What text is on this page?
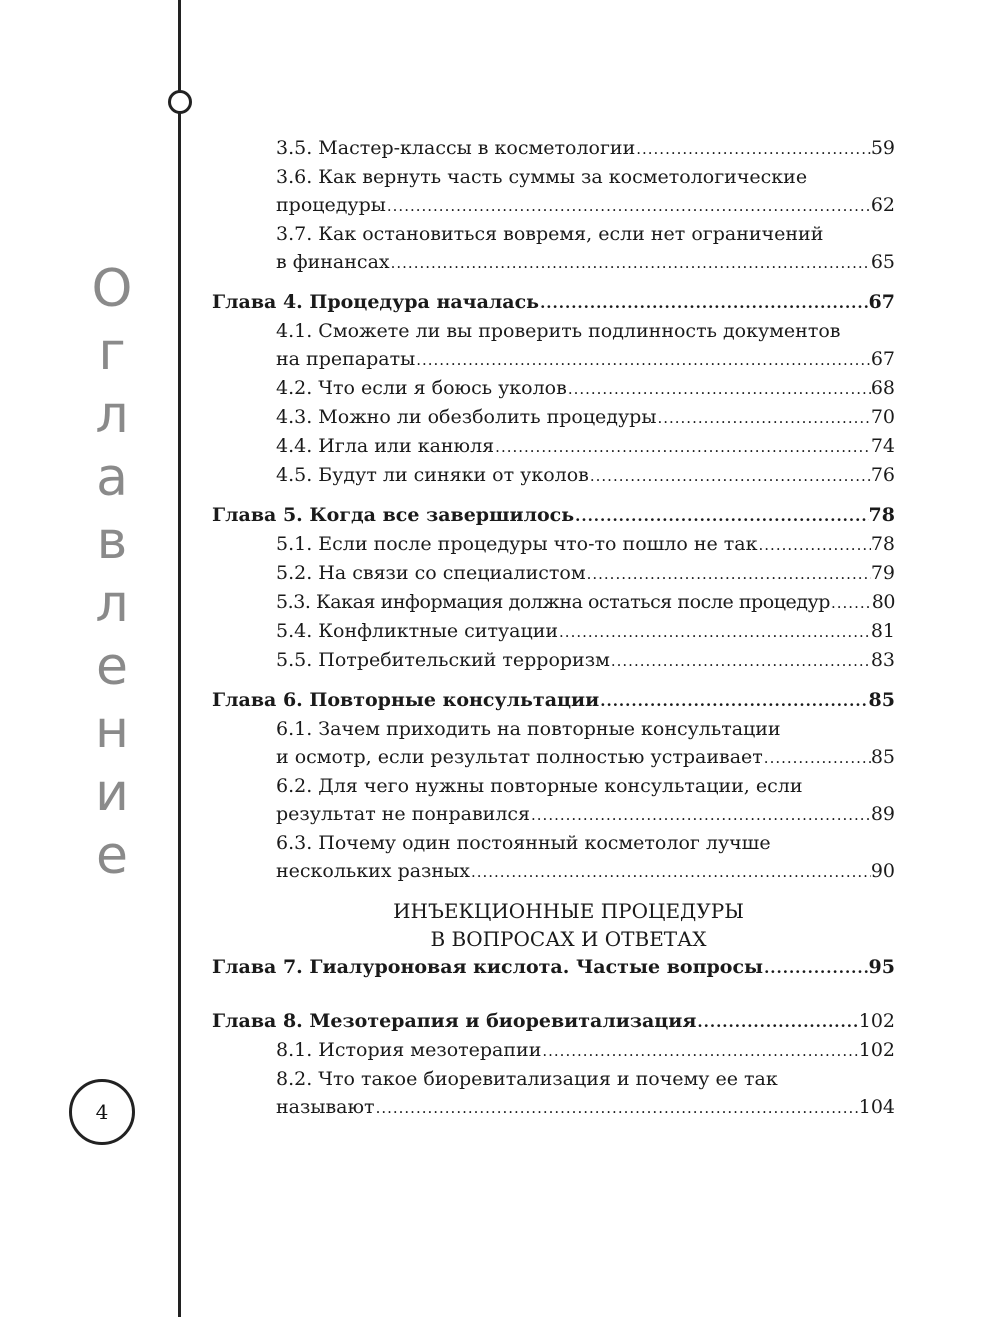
О
г
л
а
в
л
е
н
и
е
4
3.5. Мастер-классы в косметологии .....	59
3.6. Как вернуть часть суммы за косметологические
процедуры .....	62
3.7. Как остановиться вовремя, если нет ограничений
в финансах .....	65
Глава 4. Процедура началась .....	67
4.1. Сможете ли вы проверить подлинность документов
на препараты .....	67
4.2. Что если я боюсь уколов .....	68
4.3. Можно ли обезболить процедуры .....	70
4.4. Игла или канюля .....	74
4.5. Будут ли синяки от уколов .....	76
Глава 5. Когда все завершилось .....	78
5.1. Если после процедуры что-то пошло не так .....	78
5.2. На связи со специалистом .....	79
5.3. Какая информация должна остаться после процедур ..... 80
5.4. Конфликтные ситуации .....	81
5.5. Потребительский терроризм .....	83
Глава 6. Повторные консультации .....	85
6.1. Зачем приходить на повторные консультации
и осмотр, если результат полностью устраивает .....	85
6.2. Для чего нужны повторные консультации, если
результат не понравился .....	89
6.3. Почему один постоянный косметолог лучше
нескольких разных .....	90
ИНЪЕКЦИОННЫЕ ПРОЦЕДУРЫ
В ВОПРОСАХ И ОТВЕТАХ
Глава 7. Гиалуроновая кислота. Частые вопросы .....	95
Глава 8. Мезотерапия и биоревитализация .....	102
8.1. История мезотерапии .....	102
8.2. Что такое биоревитализация и почему ее так
называют .....	104
